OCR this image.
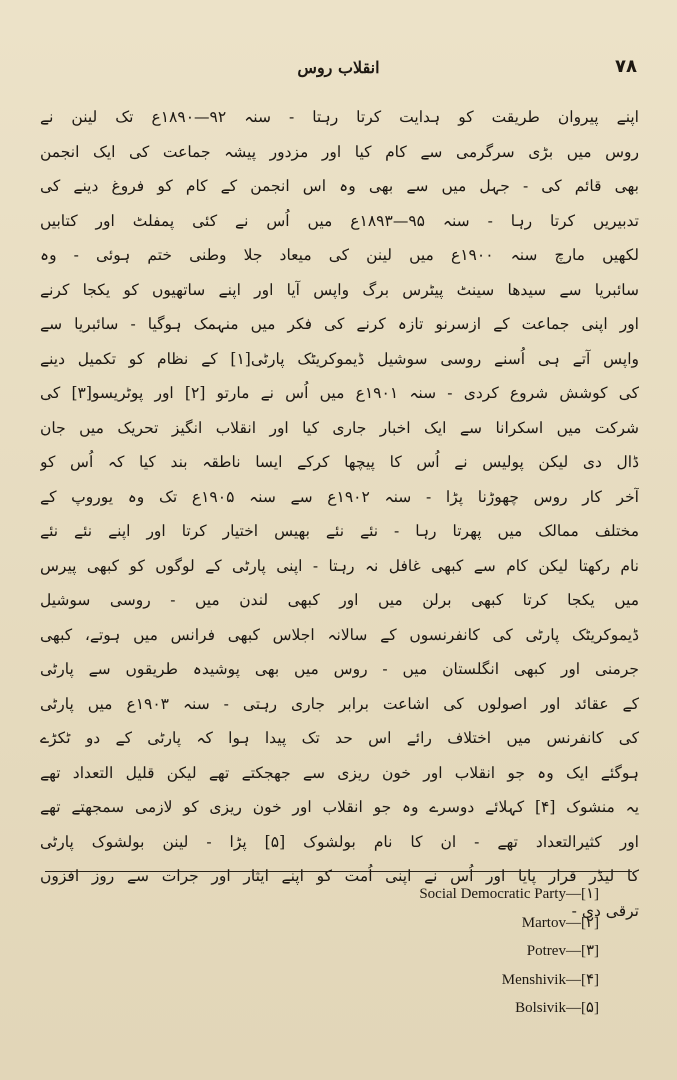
۷۸
انقلاب روس
اپنے پیروان طریقت کو ہدایت کرتا رہتا - سنہ ۹۲—۱۸۹۰ع تک لینن نے
روس میں بڑی سرگرمی سے کام کیا اور مزدور پیشہ جماعت کی ایک انجمن
بھی قائم کی - جہل میں سے بھی وہ اس انجمن کے کام کو فروغ دینے کی
تدبیریں کرتا رہا - سنہ ۹۵—۱۸۹۳ع میں اُس نے کئی پمفلٹ اور کتابیں
لکھیں مارچ سنہ ۱۹۰۰ع میں لینن کی میعاد جلا وطنی ختم ہوئی - وہ
سائبریا سے سیدھا سینٹ پیٹرس برگ واپس آیا اور اپنے ساتھیوں کو یکجا کرنے
اور اپنی جماعت کے ازسرنو تازہ کرنے کی فکر میں منہمک ہوگیا - سائبریا سے
واپس آتے ہی اُسنے روسی سوشیل ڈیموکریٹک پارٹی[۱] کے نظام کو تکمیل دینے
کی کوشش شروع کردی - سنہ ۱۹۰۱ع میں اُس نے مارتو [۲] اور پوٹریسو[۳] کی
شرکت میں اسکرانا سے ایک اخبار جاری کیا اور انقلاب انگیز تحریک میں جان
ڈال دی لیکن پولیس نے اُس کا پیچھا کرکے ایسا ناطقہ بند کیا کہ اُس کو
آخر کار روس چھوڑنا پڑا - سنہ ۱۹۰۲ع سے سنہ ۱۹۰۵ع تک وہ یوروپ کے
مختلف ممالک میں پھرتا رہا - نئے نئے بھیس اختیار کرتا اور اپنے نئے نئے
نام رکھتا لیکن کام سے کبھی غافل نہ رہتا - اپنی پارٹی کے لوگوں کو کبھی پیرس
میں یکجا کرتا کبھی برلن میں اور کبھی لندن میں - روسی سوشیل
ڈیموکریٹک پارٹی کی کانفرنسوں کے سالانہ اجلاس کبھی فرانس میں ہوتے، کبھی
جرمنی اور کبھی انگلستان میں - روس میں بھی پوشیدہ طریقوں سے پارٹی
کے عقائد اور اصولوں کی اشاعت برابر جاری رہتی - سنہ ۱۹۰۳ع میں پارٹی
کی کانفرنس میں اختلاف رائے اس حد تک پیدا ہوا کہ پارٹی کے دو ٹکڑے
ہوگئے ایک وہ جو انقلاب اور خون ریزی سے جھجکتے تھے لیکن قلیل التعداد تھے
یہ منشوک [۴] کہلائے دوسرے وہ جو انقلاب اور خون ریزی کو لازمی سمجھتے تھے
اور کثیرالتعداد تھے - ان کا نام بولشوک [۵] پڑا - لینن بولشوک پارٹی
کا لیڈر قرار پایا اور اُس نے اپنی اُمت کو اپنے ایثار اور جرات سے روز افزوں
ترقی دی -
Social Democratic Party—[۱]
Martov—[۲]
Potrev—[۳]
Menshivik—[۴]
Bolsivik—[۵]
